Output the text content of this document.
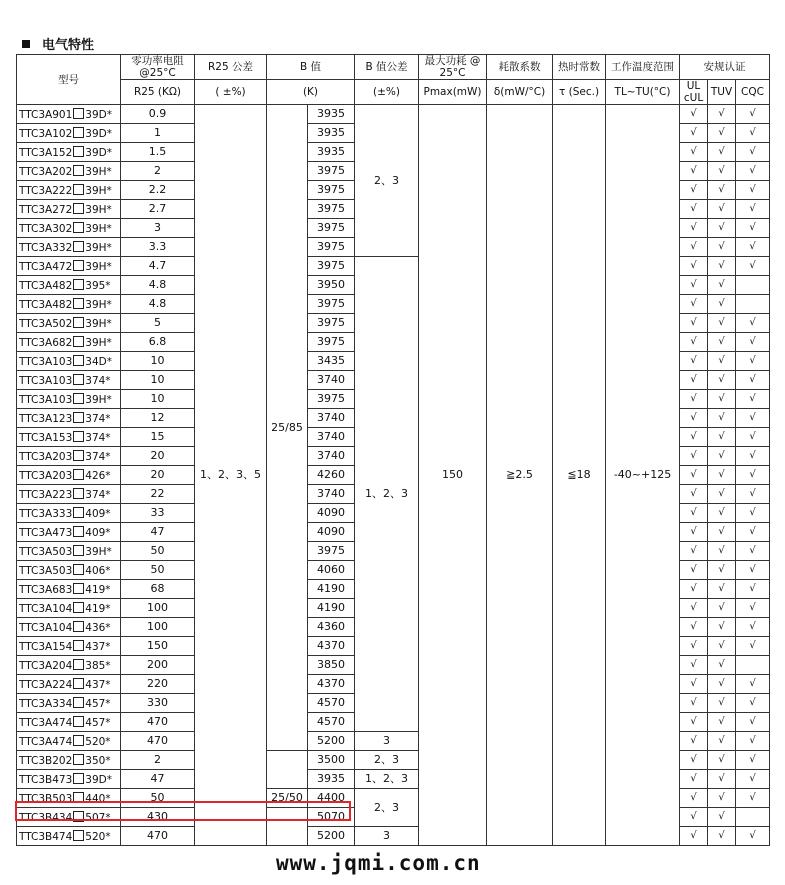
电气特性
型号	零功率电阻@25°C	R25 公差	B 值		B 值公差	最大功耗 @ 25°C	耗散系数	热时常数	工作温度范围	安规认证		
	R25 (KΩ)	( ±%)	(K)		(±%)	Pmax(mW)	δ(mW/°C)	τ (Sec.)	TL~TU(°C)	UL cUL	TUV	CQC
TTC3A901 39D*	0.9	1、2、3、5	25/85	3935	2、3	150	≧2.5	≦18	-40~+125	√	√	√
TTC3A102 39D*	1			3935						√	√	√
TTC3A152 39D*	1.5			3935						√	√	√
TTC3A202 39H*	2			3975						√	√	√
TTC3A222 39H*	2.2			3975						√	√	√
TTC3A272 39H*	2.7			3975						√	√	√
TTC3A302 39H*	3			3975						√	√	√
TTC3A332 39H*	3.3			3975						√	√	√
TTC3A472 39H*	4.7			3975	1、2、3					√	√	√
TTC3A482 395*	4.8			3950						√	√	
TTC3A482 39H*	4.8			3975						√	√	
TTC3A502 39H*	5			3975						√	√	√
TTC3A682 39H*	6.8			3975						√	√	√
TTC3A103 34D*	10			3435						√	√	√
TTC3A103 374*	10			3740						√	√	√
TTC3A103 39H*	10			3975						√	√	√
TTC3A123 374*	12			3740						√	√	√
TTC3A153 374*	15			3740						√	√	√
TTC3A203 374*	20			3740						√	√	√
TTC3A203 426*	20			4260						√	√	√
TTC3A223 374*	22			3740						√	√	√
TTC3A333 409*	33			4090						√	√	√
TTC3A473 409*	47			4090						√	√	√
TTC3A503 39H*	50			3975						√	√	√
TTC3A503 406*	50			4060						√	√	√
TTC3A683 419*	68			4190						√	√	√
TTC3A104 419*	100			4190						√	√	√
TTC3A104 436*	100			4360						√	√	√
TTC3A154 437*	150			4370						√	√	√
TTC3A204 385*	200			3850						√	√	
TTC3A224 437*	220			4370						√	√	√
TTC3A334 457*	330			4570						√	√	√
TTC3A474 457*	470			4570						√	√	√
TTC3A474 520*	470			5200	3					√	√	√
TTC3B202 350*	2			3500	2、3					√	√	√
TTC3B473 39D*	47			3935	1、2、3					√	√	√
TTC3B503 440*	50		25/50	4400	2、3					√	√	√
TTC3B434 507*	430			5070						√	√	
TTC3B474 520*	470			5200	3					√	√	√
www.jqmi.com.cn
